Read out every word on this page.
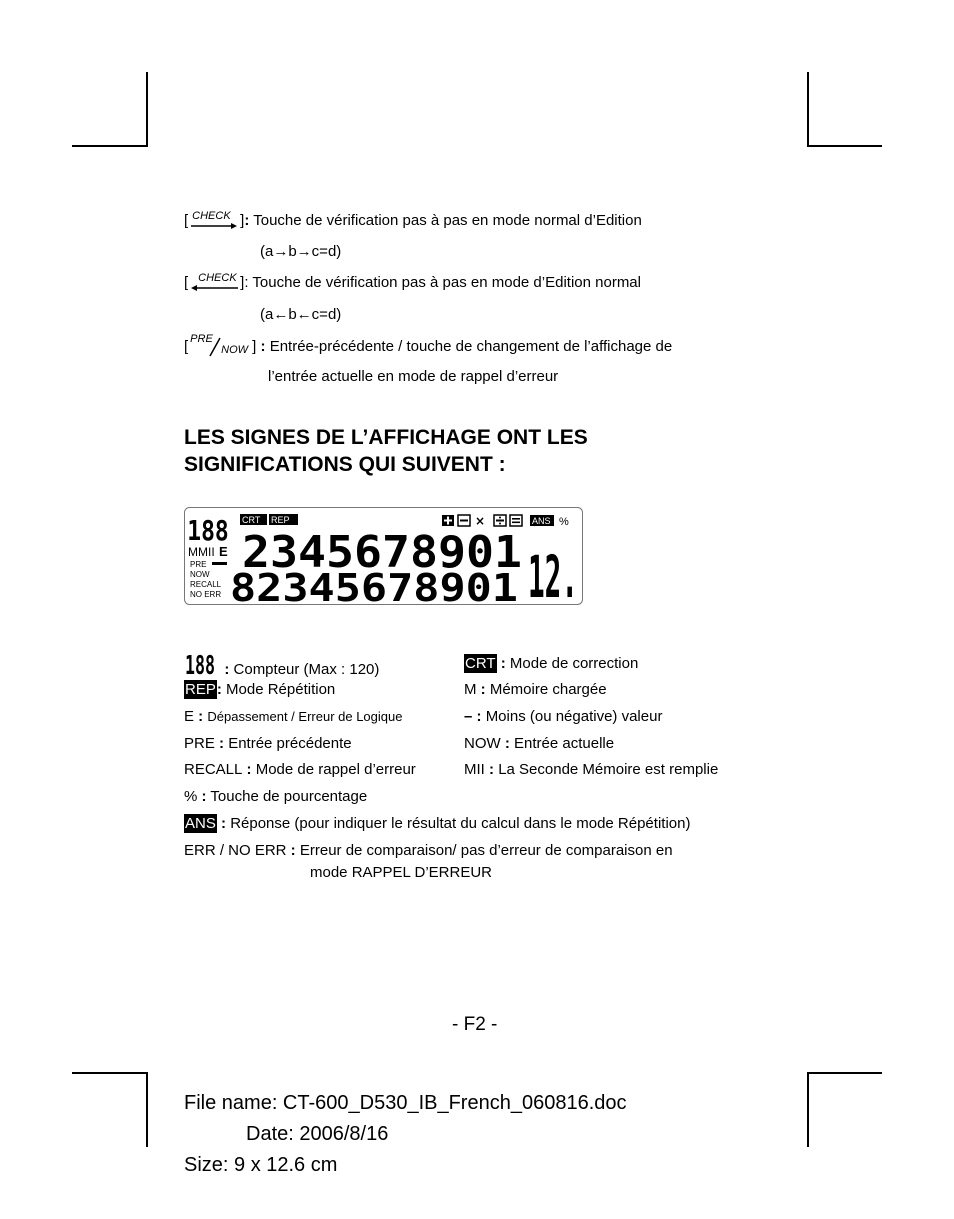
[ CHECK ]: Touche de vérification pas à pas en mode normal d’Edition
(a→b→c=d)
[ CHECK ]: Touche de vérification pas à pas en mode d’Edition normal
(a←b←c=d)
[ PRE
NOW ] : Entrée-précédente / touche de changement de l’affichage de
l’entrée actuelle en mode de rappel d’erreur
LES SIGNES DE L’AFFICHAGE ONT LES
SIGNIFICATIONS QUI SUIVENT :
188 CRT REP
MMII E
PRE
NOW
RECALL
NO ERR
×	ANS %
2345678901
82345678901 12.
188 : Compteur (Max : 120)	CRT : Mode de correction
REP: Mode Répétition	M : Mémoire chargée
E : Dépassement / Erreur de Logique	– : Moins (ou négative) valeur
PRE : Entrée précédente	NOW : Entrée actuelle
RECALL : Mode de rappel d’erreur	MII : La Seconde Mémoire est remplie
% : Touche de pourcentage
ANS : Réponse (pour indiquer le résultat du calcul dans le mode Répétition)
ERR / NO ERR : Erreur de comparaison/ pas d’erreur de comparaison en
mode RAPPEL D’ERREUR
- F2 -
File name: CT-600_D530_IB_French_060816.doc
Date: 2006/8/16
Size: 9 x 12.6 cm
